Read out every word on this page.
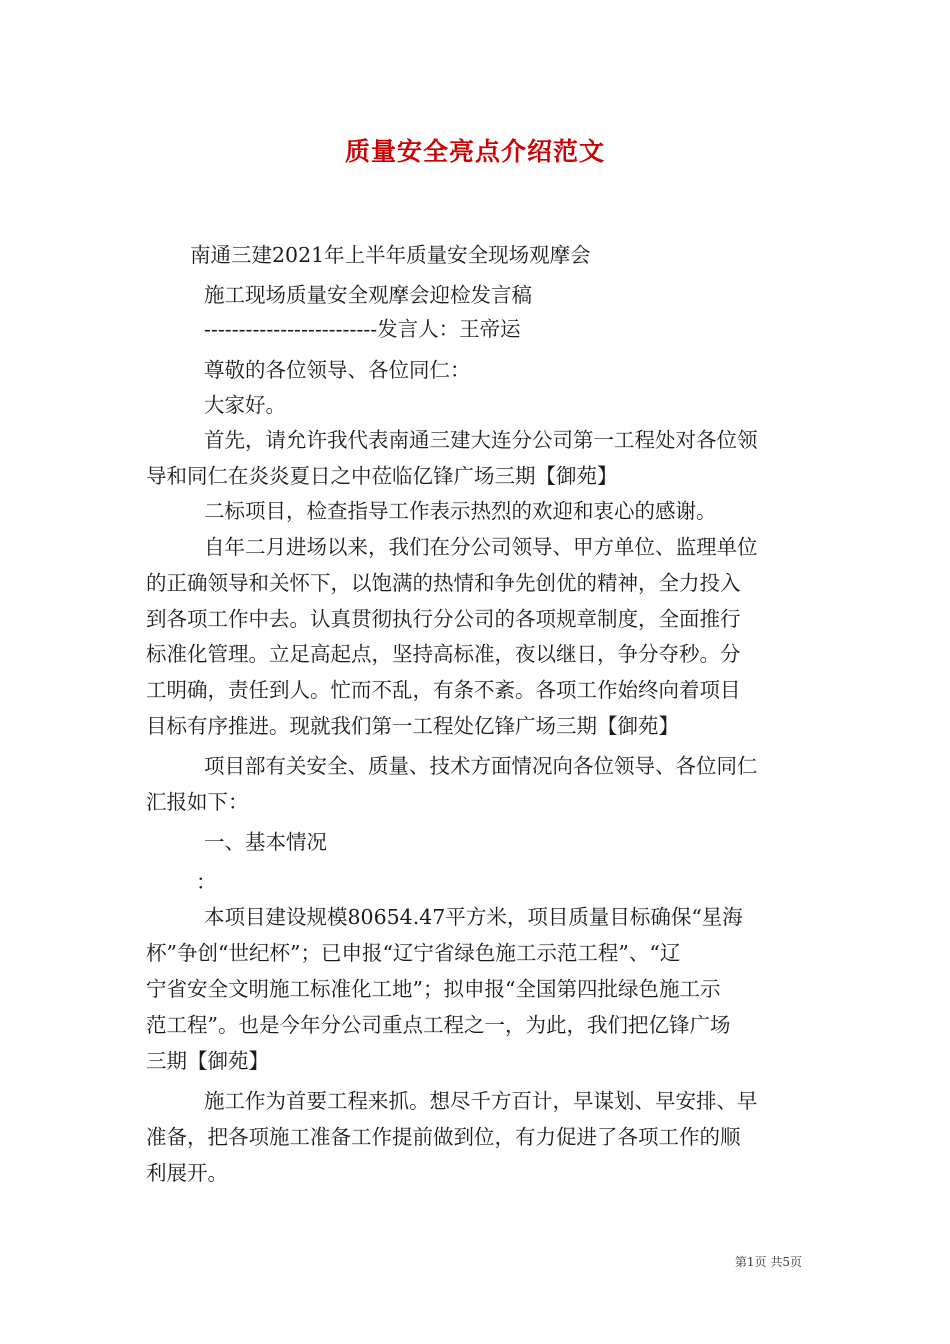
质量安全亮点介绍范文
南通三建2021年上半年质量安全现场观摩会
施工现场质量安全观摩会迎检发言稿
-------------------------发言人：王帝运
尊敬的各位领导、各位同仁：
大家好。
首先，请允许我代表南通三建大连分公司第一工程处对各位领
导和同仁在炎炎夏日之中莅临亿锋广场三期【御苑】
二标项目，检查指导工作表示热烈的欢迎和衷心的感谢。
自年二月进场以来，我们在分公司领导、甲方单位、监理单位
的正确领导和关怀下，以饱满的热情和争先创优的精神，全力投入
到各项工作中去。认真贯彻执行分公司的各项规章制度，全面推行
标准化管理。立足高起点，坚持高标准，夜以继日，争分夺秒。分
工明确，责任到人。忙而不乱，有条不紊。各项工作始终向着项目
目标有序推进。现就我们第一工程处亿锋广场三期【御苑】
项目部有关安全、质量、技术方面情况向各位领导、各位同仁
汇报如下：
一、基本情况
：
本项目建设规模80654.47平方米，项目质量目标确保“星海
杯”争创“世纪杯”；已申报“辽宁省绿色施工示范工程”、“辽
宁省安全文明施工标准化工地”；拟申报“全国第四批绿色施工示
范工程”。也是今年分公司重点工程之一，为此，我们把亿锋广场
三期【御苑】
施工作为首要工程来抓。想尽千方百计，早谋划、早安排、早
准备，把各项施工准备工作提前做到位，有力促进了各项工作的顺
利展开。
第1页 共5页
